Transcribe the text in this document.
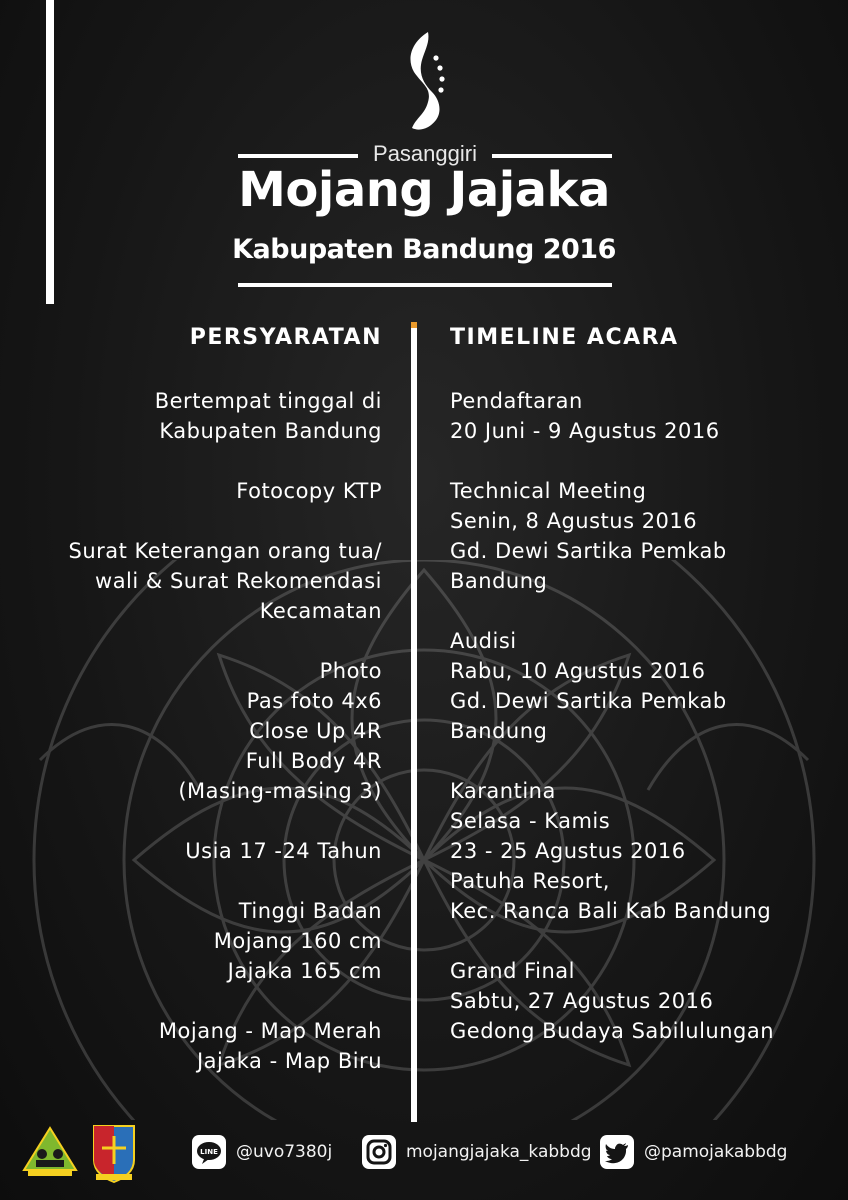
Pasanggiri
Mojang Jajaka
Kabupaten Bandung 2016
PERSYARATAN	TIMELINE ACARA
Bertempat tinggal di
Kabupaten Bandung
Fotocopy KTP
Surat Keterangan orang tua/
wali & Surat Rekomendasi
Kecamatan
Photo
Pas foto 4x6
Close Up 4R
Full Body 4R
(Masing-masing 3)
Usia 17 -24 Tahun
Tinggi Badan
Mojang 160 cm
Jajaka 165 cm
Mojang - Map Merah
Jajaka - Map Biru
Pendaftaran
20 Juni - 9 Agustus 2016
Technical Meeting
Senin, 8 Agustus 2016
Gd. Dewi Sartika Pemkab
Bandung
Audisi
Rabu, 10 Agustus 2016
Gd. Dewi Sartika Pemkab
Bandung
Karantina
Selasa - Kamis
23 - 25 Agustus 2016
Patuha Resort,
Kec. Ranca Bali Kab Bandung
Grand Final
Sabtu, 27 Agustus 2016
Gedong Budaya Sabilulungan
LINE @uvo7380j	mojangjajaka_kabbdg	@pamojakabbdg
